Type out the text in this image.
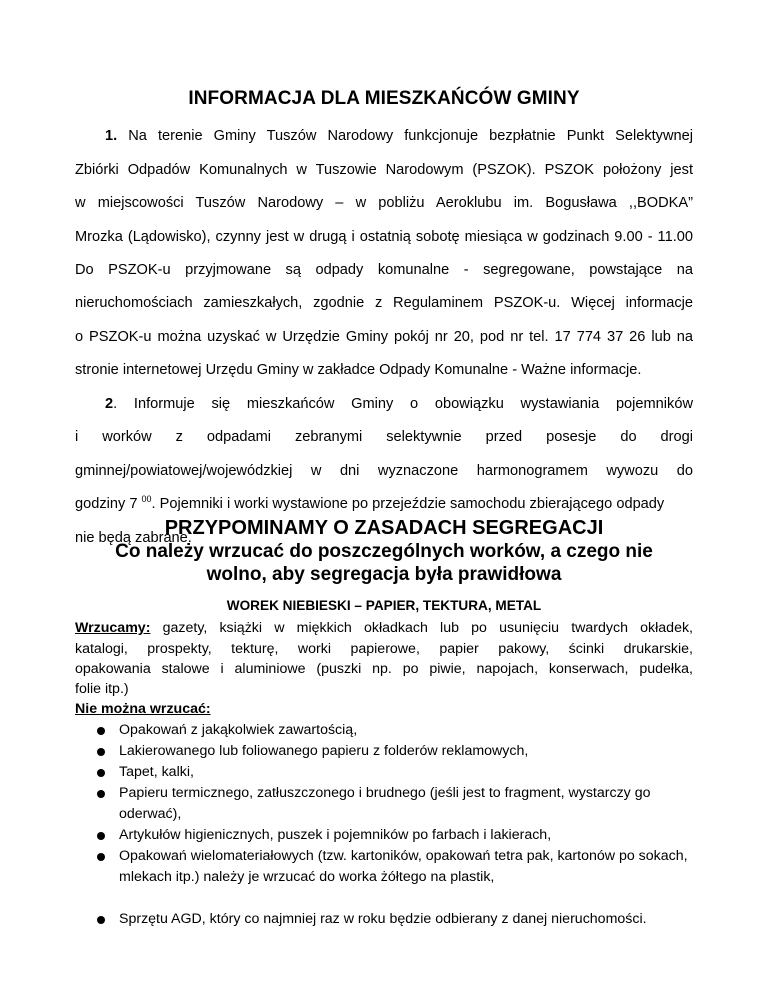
INFORMACJA DLA MIESZKAŃCÓW GMINY
1. Na terenie Gminy Tuszów Narodowy funkcjonuje bezpłatnie Punkt Selektywnej
Zbiórki Odpadów Komunalnych w Tuszowie Narodowym (PSZOK). PSZOK położony jest
w miejscowości Tuszów Narodowy – w pobliżu Aeroklubu im. Bogusława ,,BODKA”
Mrozka (Lądowisko), czynny jest w drugą i ostatnią sobotę miesiąca w godzinach 9.00 - 11.00
Do PSZOK-u przyjmowane są odpady komunalne - segregowane, powstające na
nieruchomościach zamieszkałych, zgodnie z Regulaminem PSZOK-u. Więcej informacje
o PSZOK-u można uzyskać w Urzędzie Gminy pokój nr 20, pod nr tel. 17 774 37 26 lub na
stronie internetowej Urzędu Gminy w zakładce Odpady Komunalne - Ważne informacje.
2. Informuje się mieszkańców Gminy o obowiązku wystawiania pojemników
i worków z odpadami zebranymi selektywnie przed posesje do drogi
gminnej/powiatowej/wojewódzkiej w dni wyznaczone harmonogramem wywozu do
godziny 7 $^{00}$. Pojemniki i worki wystawione po przejeździe samochodu zbierającego odpady
nie będą zabrane.
PRZYPOMINAMY O ZASADACH SEGREGACJI
Co należy wrzucać do poszczególnych worków, a czego nie
wolno, aby segregacja była prawidłowa
WOREK NIEBIESKI – PAPIER, TEKTURA, METAL
Wrzucamy: gazety, książki w miękkich okładkach lub po usunięciu twardych okładek,
katalogi, prospekty, tekturę, worki papierowe, papier pakowy, ścinki drukarskie,
opakowania stalowe i aluminiowe (puszki np. po piwie, napojach, konserwach, pudełka,
folie itp.)
Nie można wrzucać:
Opakowań z jakąkolwiek zawartością,
Lakierowanego lub foliowanego papieru z folderów reklamowych,
Tapet, kalki,
Papieru termicznego, zatłuszczonego i brudnego (jeśli jest to fragment, wystarczy go oderwać),
Artykułów higienicznych, puszek i pojemników po farbach i lakierach,
Opakowań wielomateriałowych (tzw. kartoników, opakowań tetra pak, kartonów po sokach, mlekach itp.) należy je wrzucać do worka żółtego na plastik,
Sprzętu AGD, który co najmniej raz w roku będzie odbierany z danej nieruchomości.
